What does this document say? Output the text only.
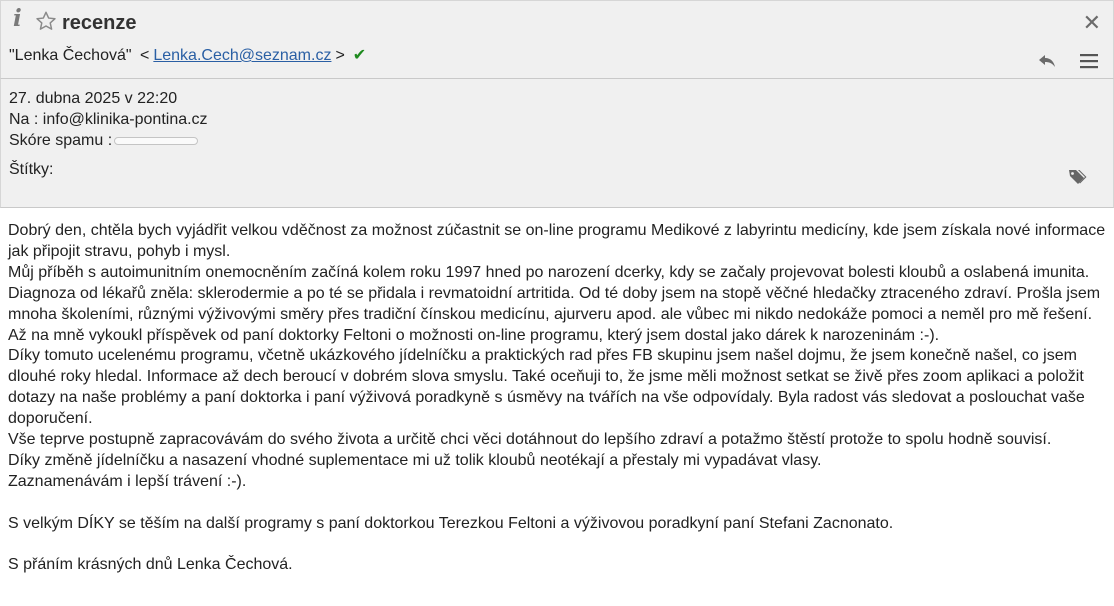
i recenze	✕
"Lenka Čechová" < Lenka.Cech@seznam.cz > ✔
27. dubna 2025 v 22:20
Na : info@klinika-pontina.cz
Skóre spamu :
Štítky:

Dobrý den, chtěla bych vyjádřit velkou vděčnost za možnost zúčastnit se on-line programu Medikové z labyrintu medicíny, kde jsem získala nové informace jak připojit stravu, pohyb i mysl.
Můj příběh s autoimunitním onemocněním začíná kolem roku 1997 hned po narození dcerky, kdy se začaly projevovat bolesti kloubů a oslabená imunita. Diagnoza od lékařů zněla: sklerodermie a po té se přidala i revmatoidní artritida. Od té doby jsem na stopě věčné hledačky ztraceného zdraví. Prošla jsem mnoha školeními, různými výživovými směry přes tradiční čínskou medicínu, ajurveru apod. ale vůbec mi nikdo nedokáže pomoci a neměl pro mě řešení.
Až na mně vykoukl příspěvek od paní doktorky Feltoni o možnosti on-line programu, který jsem dostal jako dárek k narozeninám :-).
Díky tomuto ucelenému programu, včetně ukázkového jídelníčku a praktických rad přes FB skupinu jsem našel dojmu, že jsem konečně našel, co jsem dlouhé roky hledal. Informace až dech beroucí v dobrém slova smyslu. Také oceňuji to, že jsme měli možnost setkat se živě přes zoom aplikaci a položit dotazy na naše problémy a paní doktorka i paní výživová poradkyně s úsměvy na tvářích na vše odpovídaly. Byla radost vás sledovat a poslouchat vaše doporučení.
Vše teprve postupně zapracovávám do svého života a určitě chci věci dotáhnout do lepšího zdraví a potažmo štěstí protože to spolu hodně souvisí.
Díky změně jídelníčku a nasazení vhodné suplementace mi už tolik kloubů neotékají a přestaly mi vypadávat vlasy.
Zaznamenávám i lepší trávení :-).

S velkým DÍKY se těším na další programy s paní doktorkou Terezkou Feltoni a výživovou poradkyní paní Stefani Zacnonato.

S přáním krásných dnů Lenka Čechová.
